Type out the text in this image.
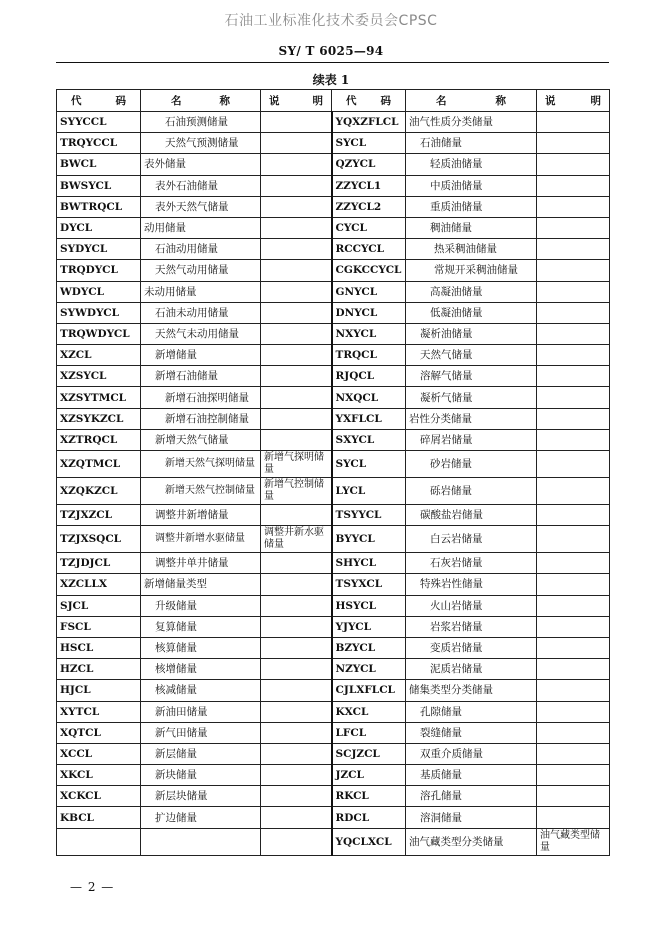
石油工业标准化技术委员会CPSC
SY/ T 6025—94
续表 1
代　码	名　　称	说　明	代　码	名　　称	说　明
SYYCCL	石油预测储量		YQXZFLCL	油气性质分类储量	
TRQYCCL	天然气预测储量		SYCL	石油储量	
BWCL	表外储量		QZYCL	轻质油储量	
BWSYCL	表外石油储量		ZZYCL1	中质油储量	
BWTRQCL	表外天然气储量		ZZYCL2	重质油储量	
DYCL	动用储量		CYCL	稠油储量	
SYDYCL	石油动用储量		RCCYCL	热采稠油储量	
TRQDYCL	天然气动用储量		CGKCCYCL	常规开采稠油储量	
WDYCL	未动用储量		GNYCL	高凝油储量	
SYWDYCL	石油未动用储量		DNYCL	低凝油储量	
TRQWDYCL	天然气未动用储量		NXYCL	凝析油储量	
XZCL	新增储量		TRQCL	天然气储量	
XZSYCL	新增石油储量		RJQCL	溶解气储量	
XZSYTMCL	新增石油探明储量		NXQCL	凝析气储量	
XZSYKZCL	新增石油控制储量		YXFLCL	岩性分类储量	
XZTRQCL	新增天然气储量		SXYCL	碎屑岩储量	
XZQTMCL	新增天然气探明储量	新增气探明储量	SYCL	砂岩储量	
XZQKZCL	新增天然气控制储量	新增气控制储量	LYCL	砾岩储量	
TZJXZCL	调整井新增储量		TSYYCL	碳酸盐岩储量	
TZJXSQCL	调整井新增水驱储量	调整井新水驱储量	BYYCL	白云岩储量	
TZJDJCL	调整井单井储量		SHYCL	石灰岩储量	
XZCLLX	新增储量类型		TSYXCL	特殊岩性储量	
SJCL	升级储量		HSYCL	火山岩储量	
FSCL	复算储量		YJYCL	岩浆岩储量	
HSCL	核算储量		BZYCL	变质岩储量	
HZCL	核增储量		NZYCL	泥质岩储量	
HJCL	核减储量		CJLXFLCL	储集类型分类储量	
XYTCL	新油田储量		KXCL	孔隙储量	
XQTCL	新气田储量		LFCL	裂缝储量	
XCCL	新层储量		SCJZCL	双重介质储量	
XKCL	新块储量		JZCL	基质储量	
XCKCL	新层块储量		RKCL	溶孔储量	
KBCL	扩边储量		RDCL	溶洞储量	
			YQCLXCL	油气藏类型分类储量	油气藏类型储量
— 2 —
